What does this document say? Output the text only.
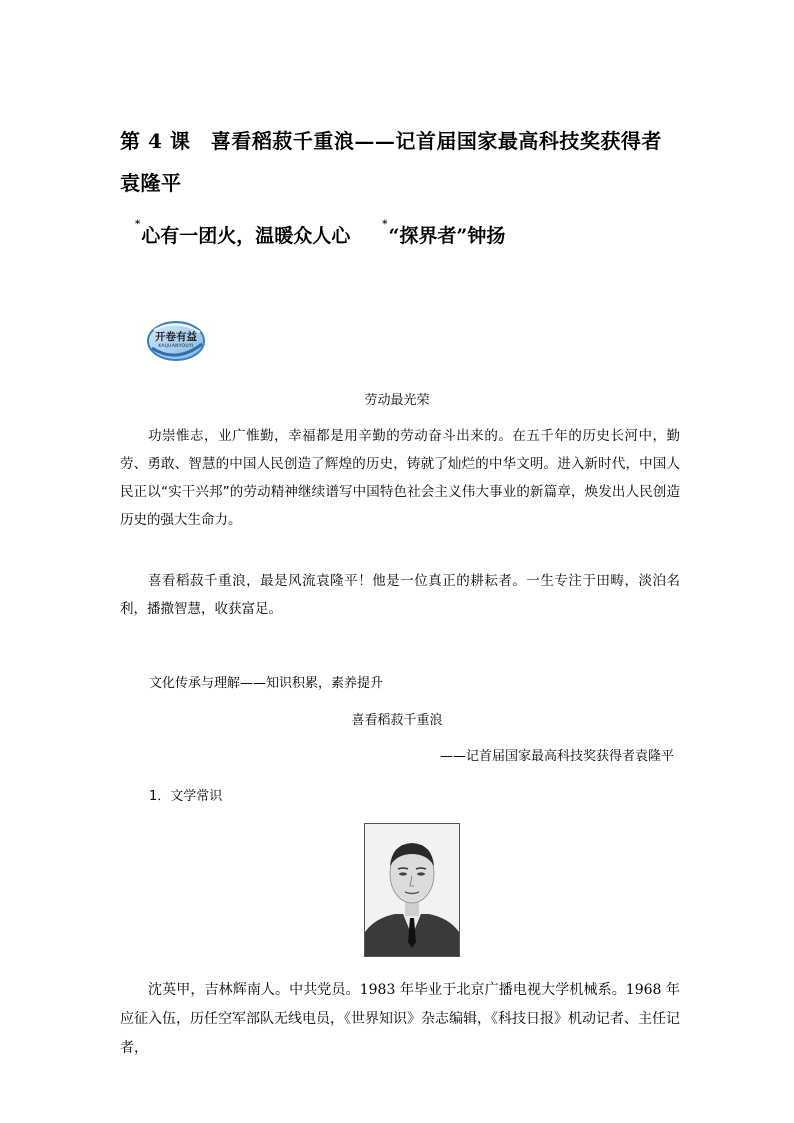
第 4 课　喜看稻菽千重浪——记首届国家最高科技奖获得者袁隆平
*心有一团火，温暖众人心*“探界者”钟扬
开卷有益
KAIJUANYOUYI
劳动最光荣
功崇惟志，业广惟勤，幸福都是用辛勤的劳动奋斗出来的。在五千年的历史长河中，勤劳、勇敢、智慧的中国人民创造了辉煌的历史，铸就了灿烂的中华文明。进入新时代，中国人民正以“实干兴邦”的劳动精神继续谱写中国特色社会主义伟大事业的新篇章，焕发出人民创造历史的强大生命力。
喜看稻菽千重浪，最是风流袁隆平！他是一位真正的耕耘者。一生专注于田畴，淡泊名利，播撒智慧，收获富足。
文化传承与理解——知识积累，素养提升
喜看稻菽千重浪
——记首届国家最高科技奖获得者袁隆平
1．文学常识
沈英甲，吉林辉南人。中共党员。1983 年毕业于北京广播电视大学机械系。1968 年应征入伍，历任空军部队无线电员，《世界知识》杂志编辑，《科技日报》机动记者、主任记者，
